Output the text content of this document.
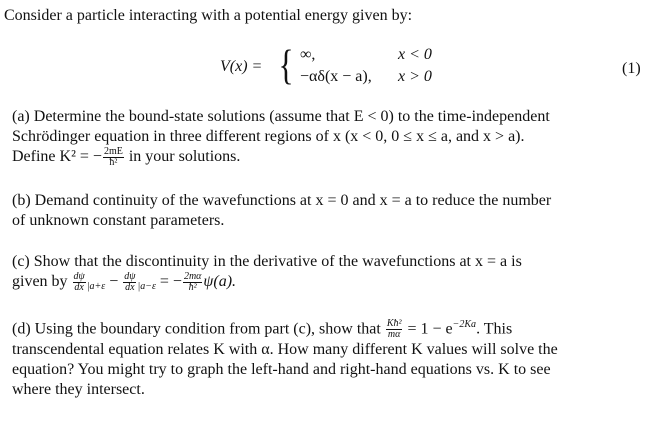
Consider a particle interacting with a potential energy given by:
V(x) = { ∞,	x < 0
−αδ(x − a), x > 0	(1)
(a) Determine the bound-state solutions (assume that E < 0) to the time-independent
Schrödinger equation in three different regions of x (x < 0, 0 ≤ x ≤ a, and x > a).
Define K² = − $\frac{2mE}{\text{ħ²}}$ in your solutions.
(b) Demand continuity of the wavefunctions at x = 0 and x = a to reduce the number
of unknown constant parameters.
(c) Show that the discontinuity in the derivative of the wavefunctions at x = a is
given by $\frac{d\psi}{dx} _{|a+\varepsilon} - \frac{d\psi}{dx} _{|a-\varepsilon}$ = − $\frac{2m\alpha}{\text{ħ²}} \psi(a)$.
(d) Using the boundary condition from part (c), show that $\frac{\text{Kħ²}}{m\alpha} = 1 - e^{-2Ka}$. This
transcendental equation relates K with α. How many different K values will solve the
equation? You might try to graph the left-hand and right-hand equations vs. K to see
where they intersect.
